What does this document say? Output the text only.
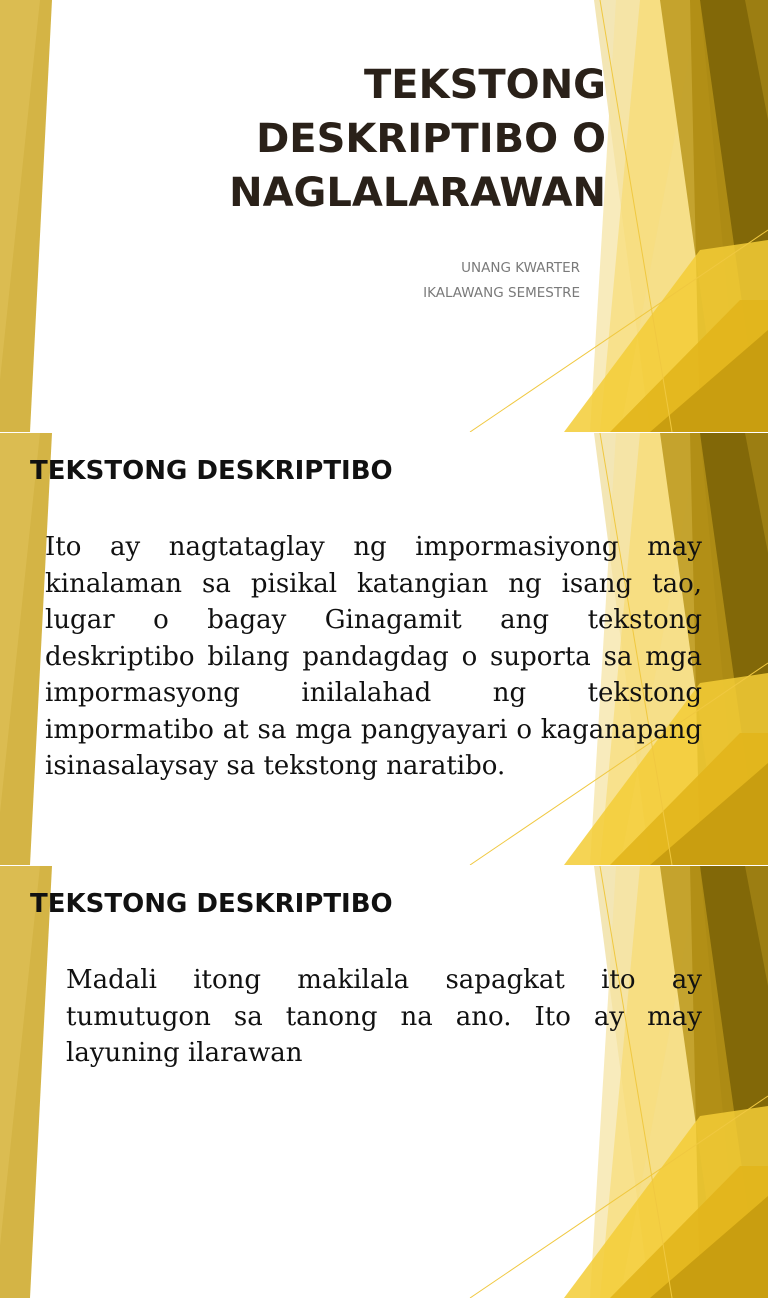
TEKSTONG
DESKRIPTIBO O
NAGLALARAWAN
UNANG KWARTER
IKALAWANG SEMESTRE
TEKSTONG DESKRIPTIBO

Ito ay nagtataglay ng impormasiyong may kinalaman sa pisikal katangian ng isang tao, lugar o bagay Ginagamit ang tekstong deskriptibo bilang pandagdag o suporta sa mga impormasyong inilalahad ng tekstong impormatibo at sa mga pangyayari o kaganapang isinasalaysay sa tekstong naratibo.

TEKSTONG DESKRIPTIBO

Madali itong makilala sapagkat ito ay tumutugon sa tanong na ano. Ito ay may layuning ilarawan
